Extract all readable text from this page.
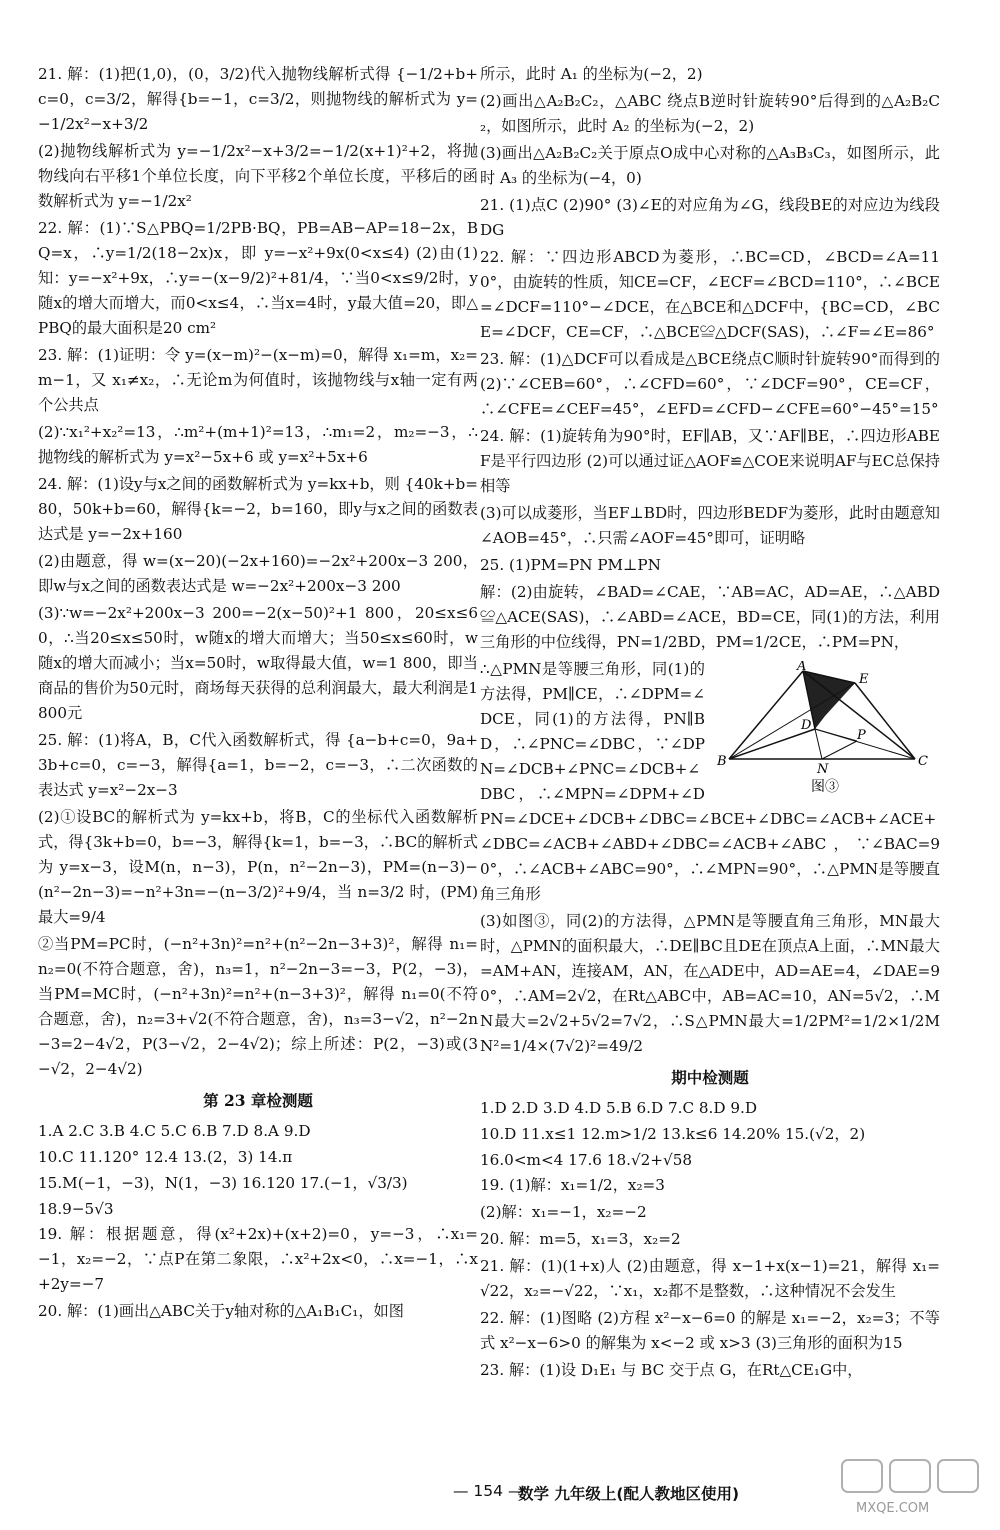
21. 解：(1)把(1,0)，(0，3/2)代入抛物线解析式得 {−1/2+b+c=0，c=3/2，解得{b=−1，c=3/2，则抛物线的解析式为 y=−1/2x²−x+3/2

(2)抛物线解析式为 y=−1/2x²−x+3/2=−1/2(x+1)²+2，将抛物线向右平移1个单位长度，向下平移2个单位长度，平移后的函数解析式为 y=−1/2x²

22. 解：(1)∵S△PBQ=1/2PB·BQ，PB=AB−AP=18−2x，BQ=x，∴y=1/2(18−2x)x，即 y=−x²+9x(0<x≤4) (2)由(1)知：y=−x²+9x，∴y=−(x−9/2)²+81/4，∵当0<x≤9/2时，y随x的增大而增大，而0<x≤4，∴当x=4时，y最大值=20，即△PBQ的最大面积是20 cm²

23. 解：(1)证明：令 y=(x−m)²−(x−m)=0，解得 x₁=m，x₂=m−1，又 x₁≠x₂，∴无论m为何值时，该抛物线与x轴一定有两个公共点

(2)∵x₁²+x₂²=13，∴m²+(m+1)²=13，∴m₁=2，m₂=−3，∴抛物线的解析式为 y=x²−5x+6 或 y=x²+5x+6

24. 解：(1)设y与x之间的函数解析式为 y=kx+b，则 {40k+b=80，50k+b=60，解得{k=−2，b=160，即y与x之间的函数表达式是 y=−2x+160

(2)由题意，得 w=(x−20)(−2x+160)=−2x²+200x−3 200，即w与x之间的函数表达式是 w=−2x²+200x−3 200

(3)∵w=−2x²+200x−3 200=−2(x−50)²+1 800，20≤x≤60，∴当20≤x≤50时，w随x的增大而增大；当50≤x≤60时，w随x的增大而减小；当x=50时，w取得最大值，w=1 800，即当商品的售价为50元时，商场每天获得的总利润最大，最大利润是1 800元

25. 解：(1)将A，B，C代入函数解析式，得 {a−b+c=0，9a+3b+c=0，c=−3，解得{a=1，b=−2，c=−3，∴二次函数的表达式 y=x²−2x−3

(2)①设BC的解析式为 y=kx+b，将B，C的坐标代入函数解析式，得{3k+b=0，b=−3，解得{k=1，b=−3，∴BC的解析式为 y=x−3，设M(n，n−3)，P(n，n²−2n−3)，PM=(n−3)−(n²−2n−3)=−n²+3n=−(n−3/2)²+9/4，当 n=3/2 时，(PM)最大=9/4

②当PM=PC时，(−n²+3n)²=n²+(n²−2n−3+3)²，解得 n₁=n₂=0(不符合题意，舍)，n₃=1，n²−2n−3=−3，P(2，−3)，当PM=MC时，(−n²+3n)²=n²+(n−3+3)²，解得 n₁=0(不符合题意，舍)，n₂=3+√2(不符合题意，舍)，n₃=3−√2，n²−2n−3=2−4√2，P(3−√2，2−4√2)；综上所述：P(2，−3)或(3−√2，2−4√2)

第 23 章检测题
1.A 2.C 3.B 4.C 5.C 6.B 7.D 8.A 9.D
10.C 11.120° 12.4 13.(2，3) 14.π
15.M(−1，−3)，N(1，−3) 16.120 17.(−1，√3/3)
18.9−5√3

19. 解：根据题意，得(x²+2x)+(x+2)=0，y=−3，∴x₁=−1，x₂=−2，∵点P在第二象限，∴x²+2x<0，∴x=−1，∴x+2y=−7

20. 解：(1)画出△ABC关于y轴对称的△A₁B₁C₁，如图

所示，此时 A₁ 的坐标为(−2，2)

(2)画出△A₂B₂C₂，△ABC 绕点B逆时针旋转90°后得到的△A₂B₂C₂，如图所示，此时 A₂ 的坐标为(−2，2)

(3)画出△A₂B₂C₂关于原点O成中心对称的△A₃B₃C₃，如图所示，此时 A₃ 的坐标为(−4，0)

21. (1)点C (2)90° (3)∠E的对应角为∠G，线段BE的对应边为线段DG

22. 解：∵四边形ABCD为菱形，∴BC=CD，∠BCD=∠A=110°，由旋转的性质，知CE=CF，∠ECF=∠BCD=110°，∴∠BCE=∠DCF=110°−∠DCE，在△BCE和△DCF中，{BC=CD，∠BCE=∠DCF，CE=CF，∴△BCE≌△DCF(SAS)，∴∠F=∠E=86°

23. 解：(1)△DCF可以看成是△BCE绕点C顺时针旋转90°而得到的 (2)∵∠CEB=60°，∴∠CFD=60°，∵∠DCF=90°，CE=CF，∴∠CFE=∠CEF=45°，∠EFD=∠CFD−∠CFE=60°−45°=15°

24. 解：(1)旋转角为90°时，EF∥AB，又∵AF∥BE，∴四边形ABEF是平行四边形 (2)可以通过证△AOF≌△COE来说明AF与EC总保持相等

(3)可以成菱形，当EF⊥BD时，四边形BEDF为菱形，此时由题意知∠AOB=45°，∴只需∠AOF=45°即可，证明略

25. (1)PM=PN PM⊥PN

解：(2)由旋转，∠BAD=∠CAE，∵AB=AC，AD=AE，∴△ABD≌△ACE(SAS)，∴∠ABD=∠ACE，BD=CE，同(1)的方法，利用三角形的中位线得，PN=1/2BD，PM=1/2CE，∴PM=PN，

A
E
D
P
B
N
C
图③

∴△PMN是等腰三角形，同(1)的方法得，PM∥CE，∴∠DPM=∠DCE，同(1)的方法得，PN∥BD，∴∠PNC=∠DBC，∵∠DPN=∠DCB+∠PNC=∠DCB+∠DBC，∴∠MPN=∠DPM+∠DPN=∠DCE+∠DCB+∠DBC=∠BCE+∠DBC=∠ACB+∠ACE+∠DBC=∠ACB+∠ABD+∠DBC=∠ACB+∠ABC，∵∠BAC=90°，∴∠ACB+∠ABC=90°，∴∠MPN=90°，∴△PMN是等腰直角三角形

(3)如图③，同(2)的方法得，△PMN是等腰直角三角形，MN最大时，△PMN的面积最大，∴DE∥BC且DE在顶点A上面，∴MN最大=AM+AN，连接AM，AN，在△ADE中，AD=AE=4，∠DAE=90°，∴AM=2√2，在Rt△ABC中，AB=AC=10，AN=5√2，∴MN最大=2√2+5√2=7√2，∴S△PMN最大=1/2PM²=1/2×1/2MN²=1/4×(7√2)²=49/2

期中检测题
1.D 2.D 3.D 4.D 5.B 6.D 7.C 8.D 9.D
10.D 11.x≤1 12.m>1/2 13.k≤6 14.20% 15.(√2，2) 16.0<m<4 17.6 18.√2+√58

19. (1)解：x₁=1/2，x₂=3

(2)解：x₁=−1，x₂=−2

20. 解：m=5，x₁=3，x₂=2

21. 解：(1)(1+x)人 (2)由题意，得 x−1+x(x−1)=21，解得 x₁=√22，x₂=−√22，∵x₁，x₂都不是整数，∴这种情况不会发生

22. 解：(1)图略 (2)方程 x²−x−6=0 的解是 x₁=−2，x₂=3；不等式 x²−x−6>0 的解集为 x<−2 或 x>3 (3)三角形的面积为15

23. 解：(1)设 D₁E₁ 与 BC 交于点 G，在Rt△CE₁G中，

— 154 —
数学 九年级上(配人教地区使用)
MXQE.COM
